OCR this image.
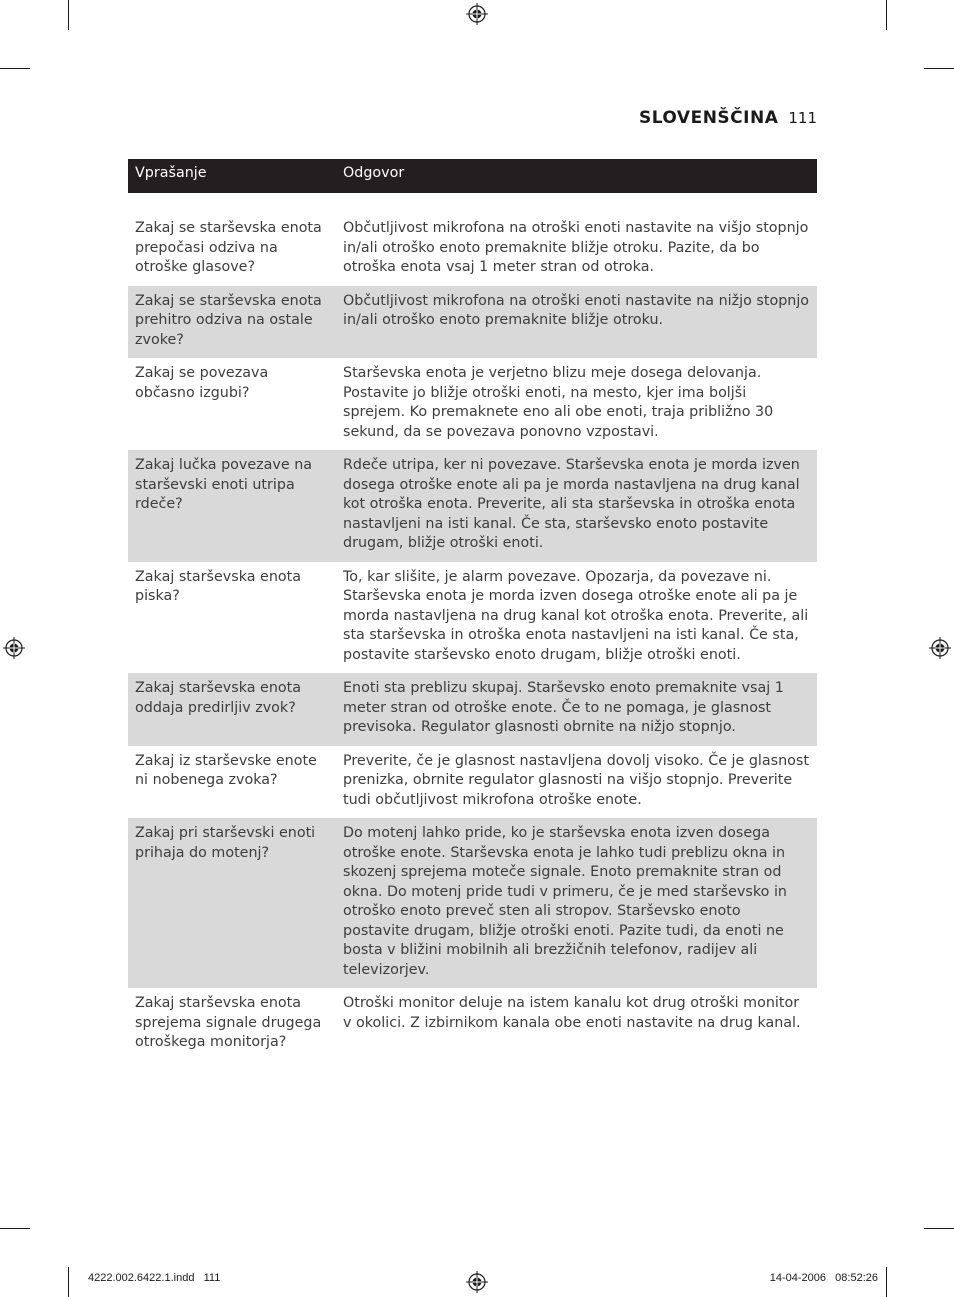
SLOVENŠČINA 111
Vprašanje	Odgovor

Zakaj se starševska enota prepočasi odziva na otroške glasove?	Občutljivost mikrofona na otroški enoti nastavite na višjo stopnjo in/ali otroško enoto premaknite bližje otroku. Pazite, da bo otroška enota vsaj 1 meter stran od otroka.
Zakaj se starševska enota prehitro odziva na ostale zvoke?	Občutljivost mikrofona na otroški enoti nastavite na nižjo stopnjo in/ali otroško enoto premaknite bližje otroku.
Zakaj se povezava občasno izgubi?	Starševska enota je verjetno blizu meje dosega delovanja. Postavite jo bližje otroški enoti, na mesto, kjer ima boljši sprejem. Ko premaknete eno ali obe enoti, traja približno 30 sekund, da se povezava ponovno vzpostavi.
Zakaj lučka povezave na starševski enoti utripa rdeče?	Rdeče utripa, ker ni povezave. Starševska enota je morda izven dosega otroške enote ali pa je morda nastavljena na drug kanal kot otroška enota. Preverite, ali sta starševska in otroška enota nastavljeni na isti kanal. Če sta, starševsko enoto postavite drugam, bližje otroški enoti.
Zakaj starševska enota piska?	To, kar slišite, je alarm povezave. Opozarja, da povezave ni. Starševska enota je morda izven dosega otroške enote ali pa je morda nastavljena na drug kanal kot otroška enota. Preverite, ali sta starševska in otroška enota nastavljeni na isti kanal. Če sta, postavite starševsko enoto drugam, bližje otroški enoti.
Zakaj starševska enota oddaja predirljiv zvok?	Enoti sta preblizu skupaj. Starševsko enoto premaknite vsaj 1 meter stran od otroške enote. Če to ne pomaga, je glasnost previsoka. Regulator glasnosti obrnite na nižjo stopnjo.
Zakaj iz starševske enote ni nobenega zvoka?	Preverite, če je glasnost nastavljena dovolj visoko. Če je glasnost prenizka, obrnite regulator glasnosti na višjo stopnjo. Preverite tudi občutljivost mikrofona otroške enote.
Zakaj pri starševski enoti prihaja do motenj?	Do motenj lahko pride, ko je starševska enota izven dosega otroške enote. Starševska enota je lahko tudi preblizu okna in skozenj sprejema moteče signale. Enoto premaknite stran od okna. Do motenj pride tudi v primeru, če je med starševsko in otroško enoto preveč sten ali stropov. Starševsko enoto postavite drugam, bližje otroški enoti. Pazite tudi, da enoti ne bosta v bližini mobilnih ali brezžičnih telefonov, radijev ali televizorjev.
Zakaj starševska enota sprejema signale drugega otroškega monitorja?	Otroški monitor deluje na istem kanalu kot drug otroški monitor v okolici. Z izbirnikom kanala obe enoti nastavite na drug kanal.
4222.002.6422.1.indd   111	14-04-2006   08:52:26
